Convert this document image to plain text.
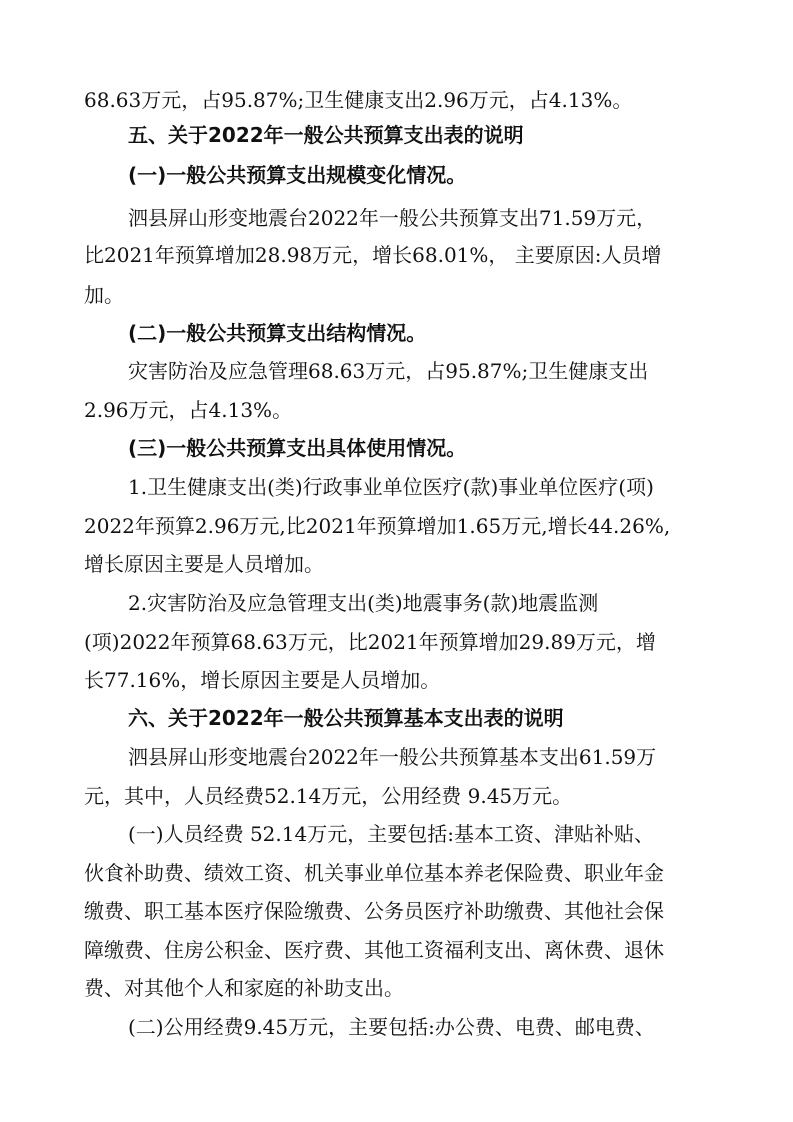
68.63万元，占95.87%;卫生健康支出2.96万元，占4.13%。
五、关于2022年一般公共预算支出表的说明
(一)一般公共预算支出规模变化情况。
泗县屏山形变地震台2022年一般公共预算支出71.59万元，
比2021年预算增加28.98万元，增长68.01%， 主要原因:人员增
加。
(二)一般公共预算支出结构情况。
灾害防治及应急管理68.63万元，占95.87%;卫生健康支出
2.96万元，占4.13%。
(三)一般公共预算支出具体使用情况。
1.卫生健康支出(类)行政事业单位医疗(款)事业单位医疗(项)
2022年预算2.96万元,比2021年预算增加1.65万元,增长44.26%,
增长原因主要是人员增加。
2.灾害防治及应急管理支出(类)地震事务(款)地震监测
(项)2022年预算68.63万元，比2021年预算增加29.89万元，增
长77.16%，增长原因主要是人员增加。
六、关于2022年一般公共预算基本支出表的说明
泗县屏山形变地震台2022年一般公共预算基本支出61.59万
元，其中，人员经费52.14万元，公用经费 9.45万元。
(一)人员经费 52.14万元，主要包括:基本工资、津贴补贴、
伙食补助费、绩效工资、机关事业单位基本养老保险费、职业年金
缴费、职工基本医疗保险缴费、公务员医疗补助缴费、其他社会保
障缴费、住房公积金、医疗费、其他工资福利支出、离休费、退休
费、对其他个人和家庭的补助支出。
(二)公用经费9.45万元，主要包括:办公费、电费、邮电费、
